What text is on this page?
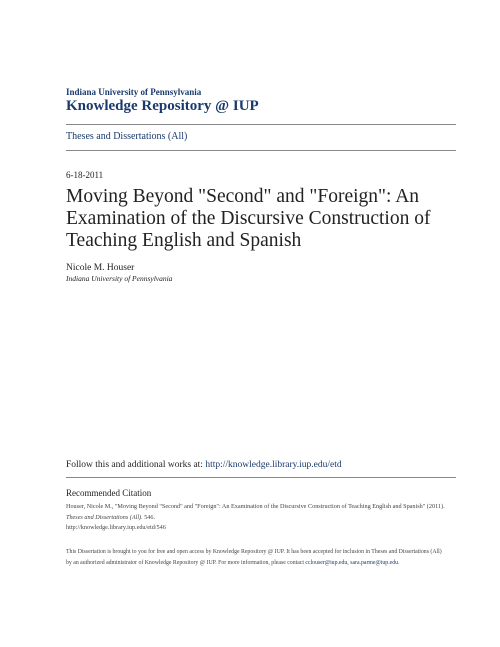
Indiana University of Pennsylvania
Knowledge Repository @ IUP
Theses and Dissertations (All)
6-18-2011
Moving Beyond "Second" and "Foreign": An Examination of the Discursive Construction of Teaching English and Spanish
Nicole M. Houser
Indiana University of Pennsylvania
Follow this and additional works at: http://knowledge.library.iup.edu/etd
Recommended Citation
Houser, Nicole M., "Moving Beyond "Second" and "Foreign": An Examination of the Discursive Construction of Teaching English and Spanish" (2011). Theses and Dissertations (All). 546.
http://knowledge.library.iup.edu/etd/546
This Dissertation is brought to you for free and open access by Knowledge Repository @ IUP. It has been accepted for inclusion in Theses and Dissertations (All) by an authorized administrator of Knowledge Repository @ IUP. For more information, please contact cclouser@iup.edu, sara.parme@iup.edu.
